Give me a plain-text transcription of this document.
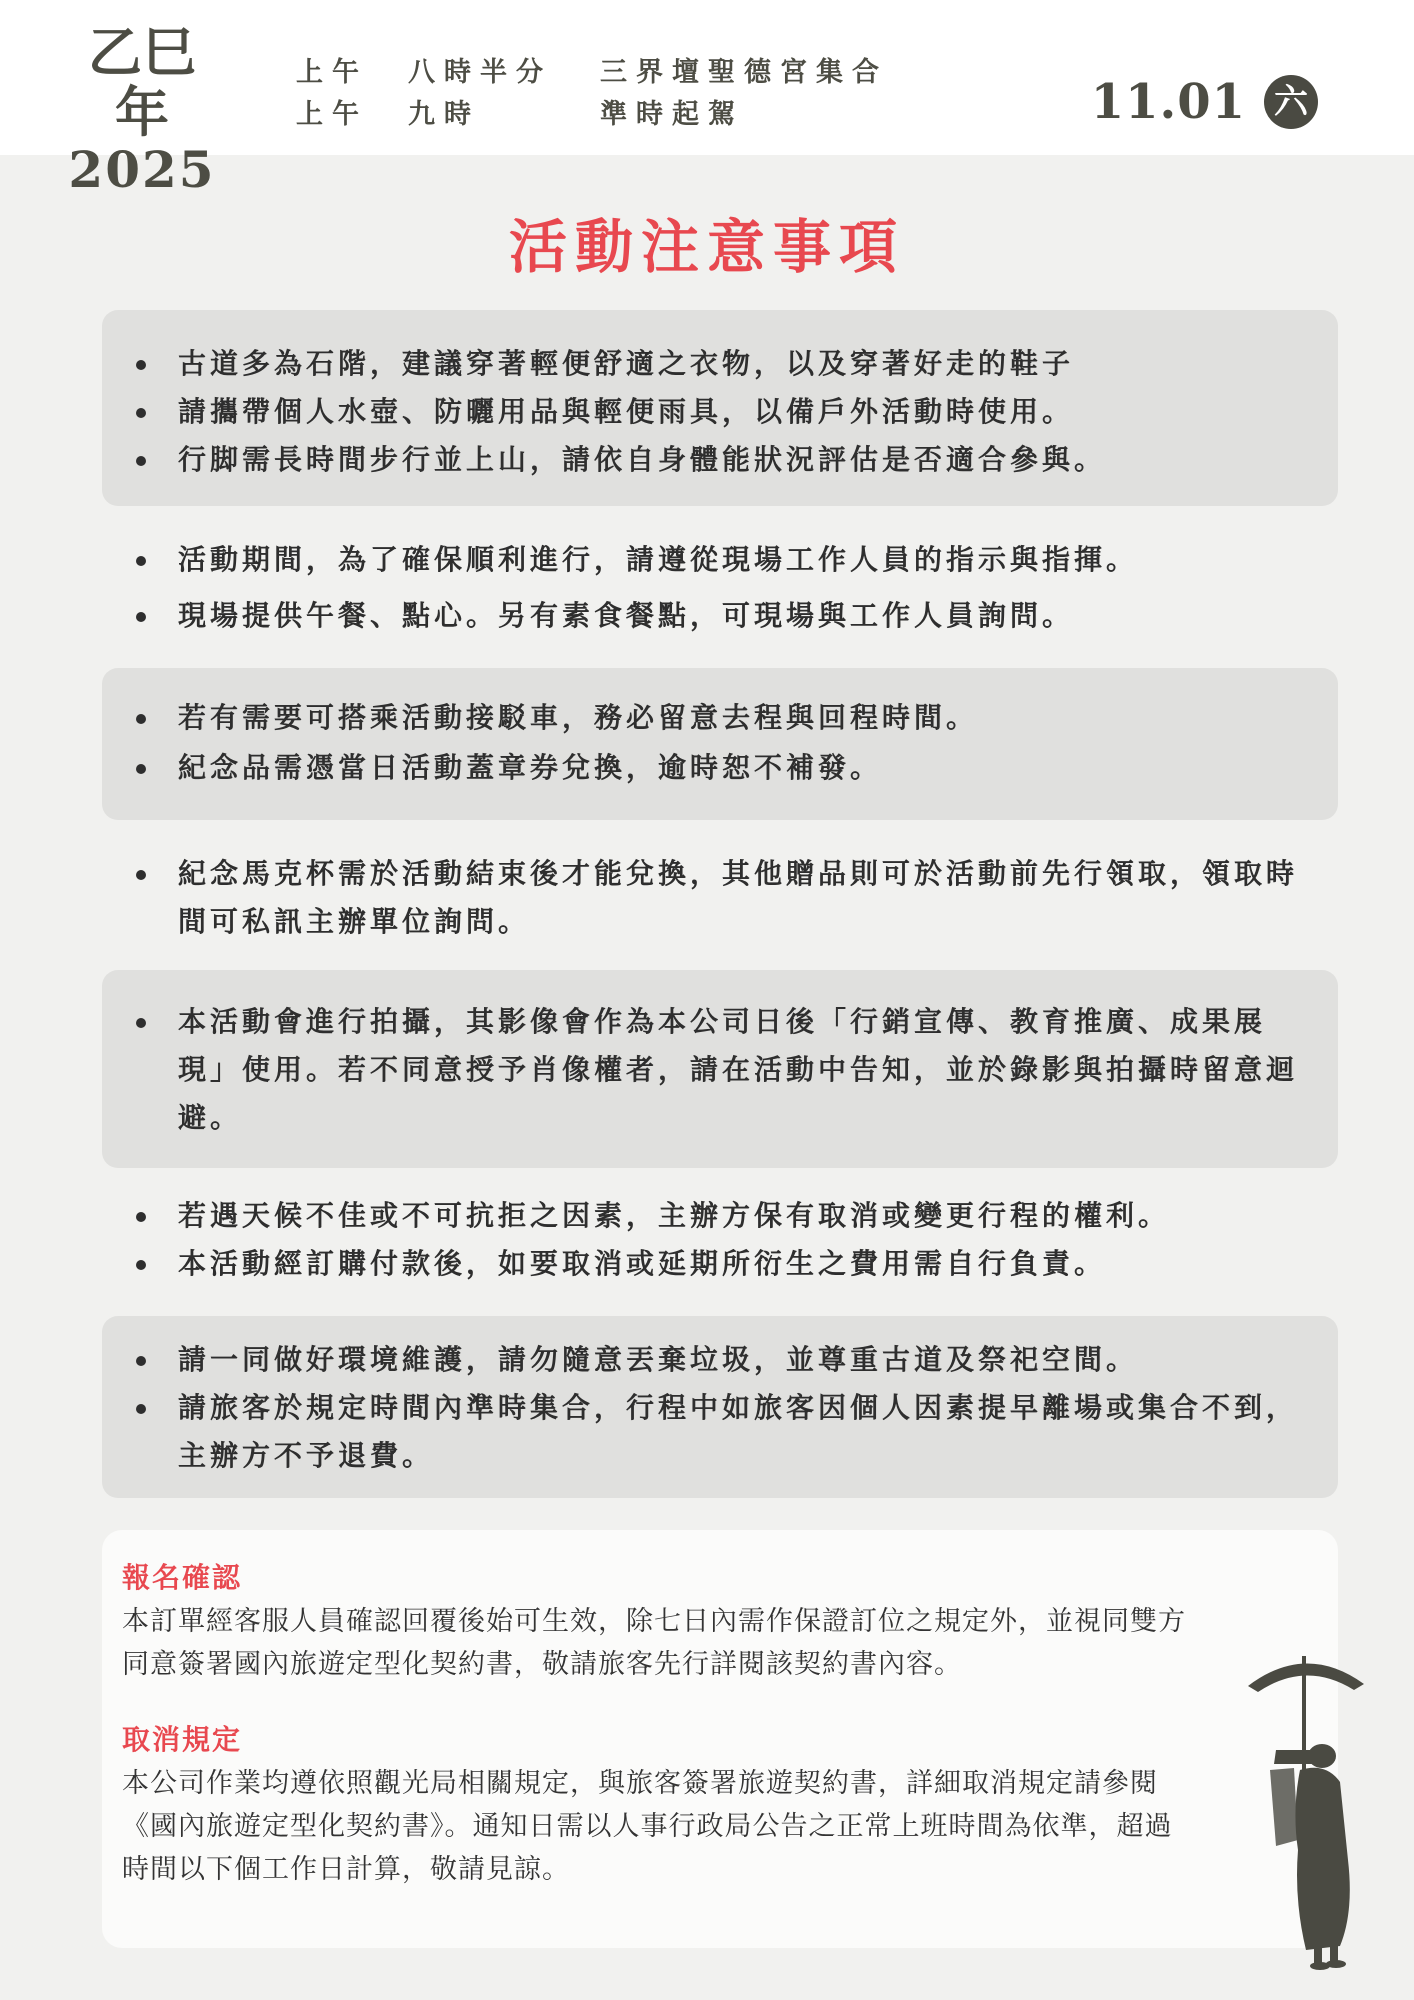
乙巳年
2025
上午 八時半分 三界壇聖德宮集合
上午 九時	準時起駕	11.01 六
活動注意事項
古道多為石階，建議穿著輕便舒適之衣物，以及穿著好走的鞋子
請攜帶個人水壺、防曬用品與輕便雨具，以備戶外活動時使用。
行脚需長時間步行並上山，請依自身體能狀況評估是否適合參與。
活動期間，為了確保順利進行，請遵從現場工作人員的指示與指揮。
現場提供午餐、點心。另有素食餐點，可現場與工作人員詢問。
若有需要可搭乘活動接駁車，務必留意去程與回程時間。
紀念品需憑當日活動蓋章券兌換，逾時恕不補發。
紀念馬克杯需於活動結束後才能兌換，其他贈品則可於活動前先行領取，領取時間可私訊主辦單位詢問。
本活動會進行拍攝，其影像會作為本公司日後「行銷宣傳、教育推廣、成果展現」使用。若不同意授予肖像權者，請在活動中告知，並於錄影與拍攝時留意迴避。
若遇天候不佳或不可抗拒之因素，主辦方保有取消或變更行程的權利。
本活動經訂購付款後，如要取消或延期所衍生之費用需自行負責。
請一同做好環境維護，請勿隨意丟棄垃圾，並尊重古道及祭祀空間。
請旅客於規定時間內準時集合，行程中如旅客因個人因素提早離場或集合不到，主辦方不予退費。
報名確認
本訂單經客服人員確認回覆後始可生效，除七日內需作保證訂位之規定外，並視同雙方同意簽署國內旅遊定型化契約書，敬請旅客先行詳閱該契約書內容。
取消規定
本公司作業均遵依照觀光局相關規定，與旅客簽署旅遊契約書，詳細取消規定請參閱《國內旅遊定型化契約書》。通知日需以人事行政局公告之正常上班時間為依準，超過時間以下個工作日計算，敬請見諒。
